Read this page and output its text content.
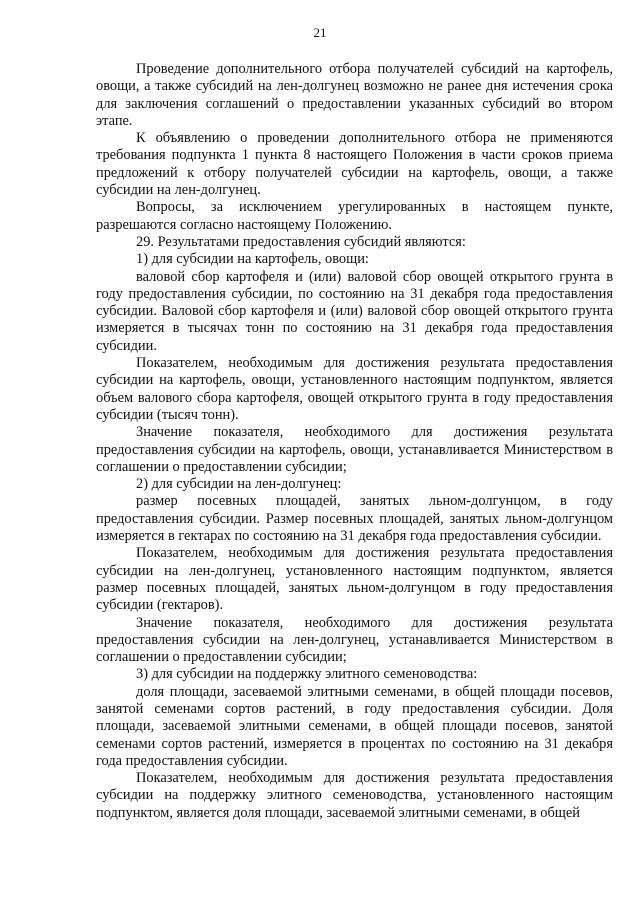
21

Проведение дополнительного отбора получателей субсидий на картофель, овощи, а также субсидий на лен-долгунец возможно не ранее дня истечения срока для заключения соглашений о предоставлении указанных субсидий во втором этапе.

К объявлению о проведении дополнительного отбора не применяются требования подпункта 1 пункта 8 настоящего Положения в части сроков приема предложений к отбору получателей субсидии на картофель, овощи, а также субсидии на лен-долгунец.

Вопросы, за исключением урегулированных в настоящем пункте, разрешаются согласно настоящему Положению.

29. Результатами предоставления субсидий являются:

1) для субсидии на картофель, овощи:

валовой сбор картофеля и (или) валовой сбор овощей открытого грунта в году предоставления субсидии, по состоянию на 31 декабря года предоставления субсидии. Валовой сбор картофеля и (или) валовой сбор овощей открытого грунта измеряется в тысячах тонн по состоянию на 31 декабря года предоставления субсидии.

Показателем, необходимым для достижения результата предоставления субсидии на картофель, овощи, установленного настоящим подпунктом, является объем валового сбора картофеля, овощей открытого грунта в году предоставления субсидии (тысяч тонн).

Значение показателя, необходимого для достижения результата предоставления субсидии на картофель, овощи, устанавливается Министерством в соглашении о предоставлении субсидии;

2) для субсидии на лен-долгунец:

размер посевных площадей, занятых льном-долгунцом, в году предоставления субсидии. Размер посевных площадей, занятых льном-долгунцом измеряется в гектарах по состоянию на 31 декабря года предоставления субсидии.

Показателем, необходимым для достижения результата предоставления субсидии на лен-долгунец, установленного настоящим подпунктом, является размер посевных площадей, занятых льном-долгунцом в году предоставления субсидии (гектаров).

Значение показателя, необходимого для достижения результата предоставления субсидии на лен-долгунец, устанавливается Министерством в соглашении о предоставлении субсидии;

3) для субсидии на поддержку элитного семеноводства:

доля площади, засеваемой элитными семенами, в общей площади посевов, занятой семенами сортов растений, в году предоставления субсидии. Доля площади, засеваемой элитными семенами, в общей площади посевов, занятой семенами сортов растений, измеряется в процентах по состоянию на 31 декабря года предоставления субсидии.

Показателем, необходимым для достижения результата предоставления субсидии на поддержку элитного семеноводства, установленного настоящим подпунктом, является доля площади, засеваемой элитными семенами, в общей
